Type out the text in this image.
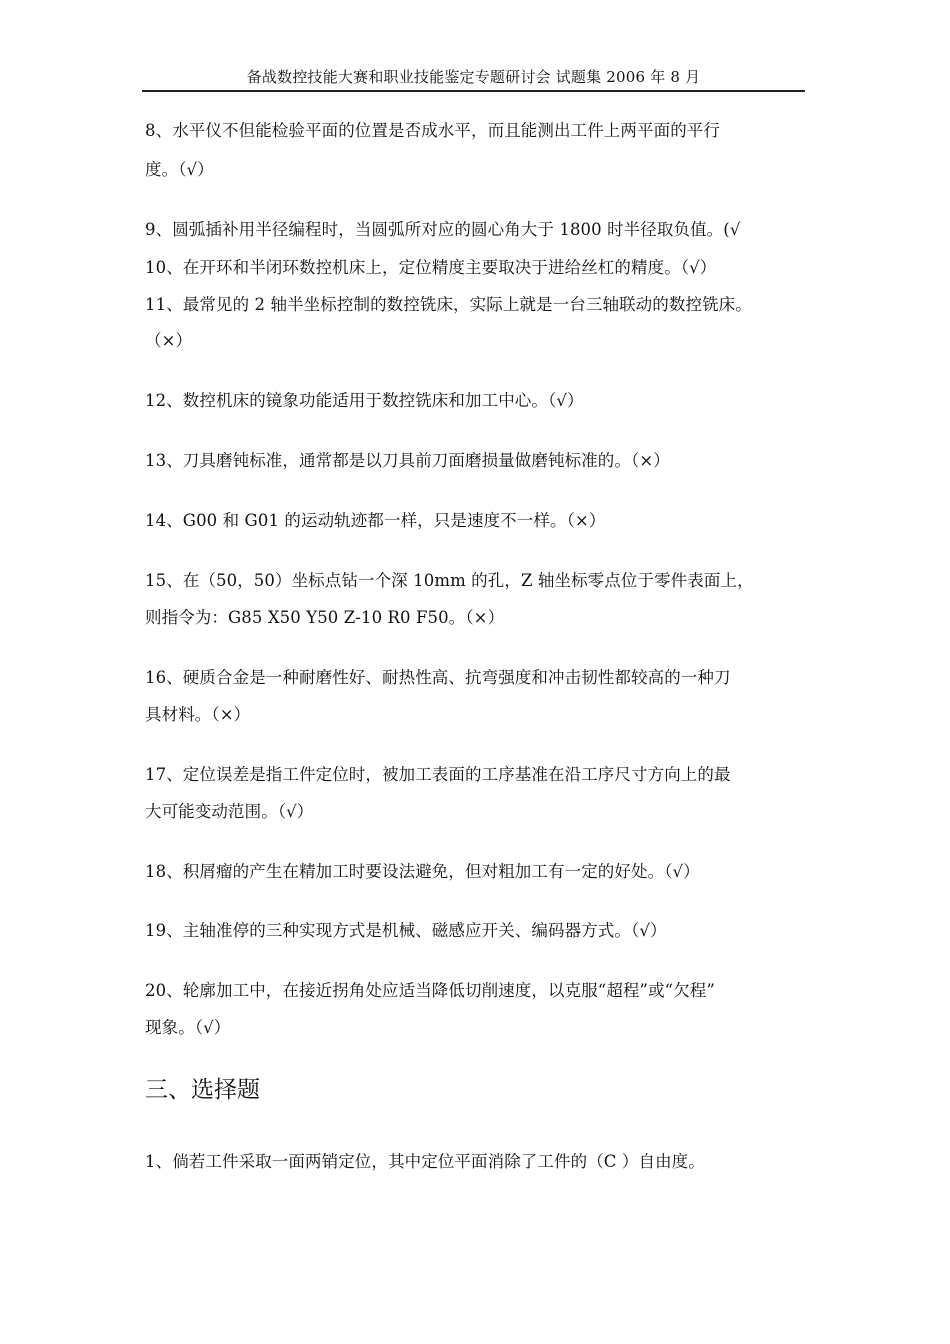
备战数控技能大赛和职业技能鉴定专题研讨会 试题集 2006 年 8 月
8、水平仪不但能检验平面的位置是否成水平，而且能测出工件上两平面的平行
度。（√）
9、圆弧插补用半径编程时，当圆弧所对应的圆心角大于 1800 时半径取负值。(√
10、在开环和半闭环数控机床上，定位精度主要取决于进给丝杠的精度。（√）
11、最常见的 2 轴半坐标控制的数控铣床，实际上就是一台三轴联动的数控铣床。
（×）
12、数控机床的镜象功能适用于数控铣床和加工中心。（√）
13、刀具磨钝标准，通常都是以刀具前刀面磨损量做磨钝标准的。（×）
14、G00 和 G01 的运动轨迹都一样，只是速度不一样。（×）
15、在（50，50）坐标点钻一个深 10mm 的孔，Z 轴坐标零点位于零件表面上，
则指令为：G85 X50 Y50 Z-10 R0 F50。（×）
16、硬质合金是一种耐磨性好、耐热性高、抗弯强度和冲击韧性都较高的一种刀
具材料。（×）
17、定位误差是指工件定位时，被加工表面的工序基准在沿工序尺寸方向上的最
大可能变动范围。（√）
18、积屑瘤的产生在精加工时要设法避免，但对粗加工有一定的好处。（√）
19、主轴准停的三种实现方式是机械、磁感应开关、编码器方式。（√）
20、轮廓加工中，在接近拐角处应适当降低切削速度，以克服“超程”或“欠程”
现象。（√）
三、选择题
1、倘若工件采取一面两销定位，其中定位平面消除了工件的（C ）自由度。
